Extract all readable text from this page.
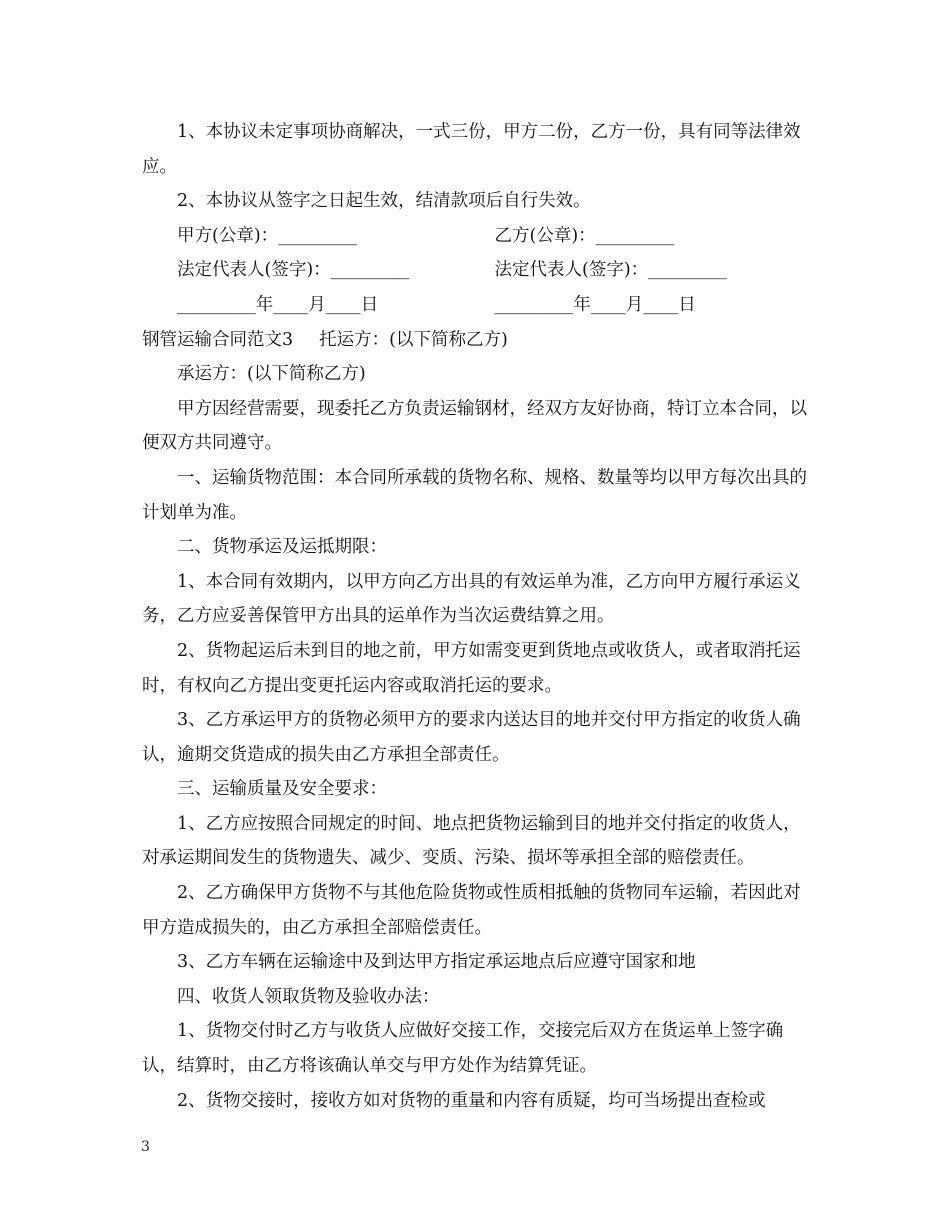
1、本协议未定事项协商解决，一式三份，甲方二份，乙方一份，具有同等法律效应。

2、本协议从签字之日起生效，结清款项后自行失效。

甲方(公章)：_________	乙方(公章)：_________
法定代表人(签字)：_________	法定代表人(签字)：_________
_________年____月____日	_________年____月____日
钢管运输合同范文3 托运方：(以下简称乙方)

承运方：(以下简称乙方)

甲方因经营需要，现委托乙方负责运输钢材，经双方友好协商，特订立本合同，以便双方共同遵守。

一、运输货物范围：本合同所承载的货物名称、规格、数量等均以甲方每次出具的计划单为准。

二、货物承运及运抵期限：

1、本合同有效期内，以甲方向乙方出具的有效运单为准，乙方向甲方履行承运义务，乙方应妥善保管甲方出具的运单作为当次运费结算之用。

2、货物起运后未到目的地之前，甲方如需变更到货地点或收货人，或者取消托运时，有权向乙方提出变更托运内容或取消托运的要求。

3、乙方承运甲方的货物必须甲方的要求内送达目的地并交付甲方指定的收货人确认，逾期交货造成的损失由乙方承担全部责任。

三、运输质量及安全要求：

1、乙方应按照合同规定的时间、地点把货物运输到目的地并交付指定的收货人，对承运期间发生的货物遗失、减少、变质、污染、损坏等承担全部的赔偿责任。

2、乙方确保甲方货物不与其他危险货物或性质相抵触的货物同车运输，若因此对甲方造成损失的，由乙方承担全部赔偿责任。

3、乙方车辆在运输途中及到达甲方指定承运地点后应遵守国家和地

四、收货人领取货物及验收办法：

1、货物交付时乙方与收货人应做好交接工作，交接完后双方在货运单上签字确认，结算时，由乙方将该确认单交与甲方处作为结算凭证。

2、货物交接时，接收方如对货物的重量和内容有质疑，均可当场提出查检或

3
